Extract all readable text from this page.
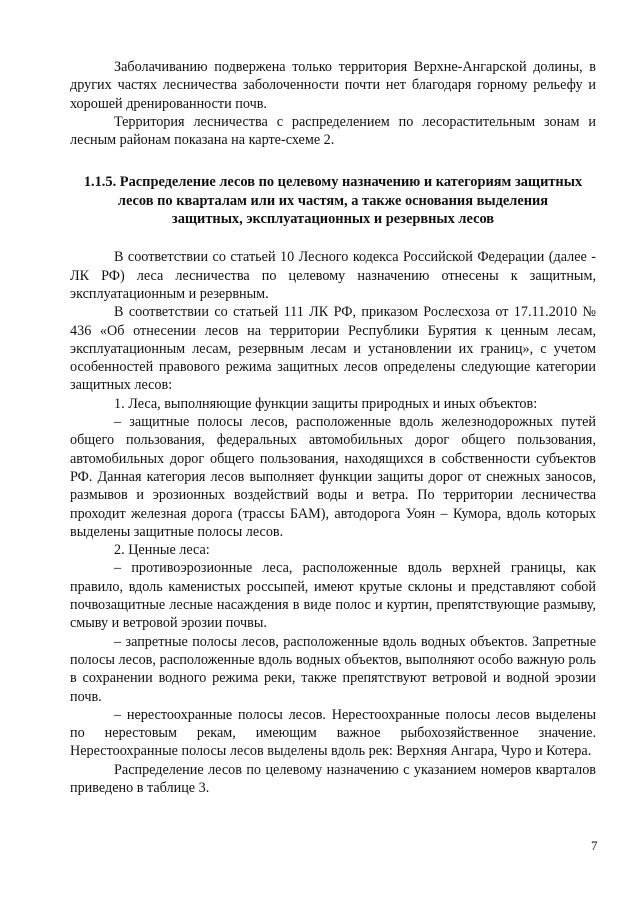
Заболачиванию подвержена только территория Верхне-Ангарской долины, в других частях лесничества заболоченности почти нет благодаря горному рельефу и хорошей дренированности почв.

Территория лесничества с распределением по лесорастительным зонам и лесным районам показана на карте-схеме 2.

1.1.5. Распределение лесов по целевому назначению и категориям защитных лесов по кварталам или их частям, а также основания выделения защитных, эксплуатационных и резервных лесов

В соответствии со статьей 10 Лесного кодекса Российской Федерации (далее - ЛК РФ) леса лесничества по целевому назначению отнесены к защитным, эксплуатационным и резервным.

В соответствии со статьей 111 ЛК РФ, приказом Рослесхоза от 17.11.2010 № 436 «Об отнесении лесов на территории Республики Бурятия к ценным лесам, эксплуатационным лесам, резервным лесам и установлении их границ», с учетом особенностей правового режима защитных лесов определены следующие категории защитных лесов:

1. Леса, выполняющие функции защиты природных и иных объектов:

– защитные полосы лесов, расположенные вдоль железнодорожных путей общего пользования, федеральных автомобильных дорог общего пользования, автомобильных дорог общего пользования, находящихся в собственности субъектов РФ. Данная категория лесов выполняет функции защиты дорог от снежных заносов, размывов и эрозионных воздействий воды и ветра. По территории лесничества проходит железная дорога (трассы БАМ), автодорога Уоян – Кумора, вдоль которых выделены защитные полосы лесов.

2. Ценные леса:

– противоэрозионные леса, расположенные вдоль верхней границы, как правило, вдоль каменистых россыпей, имеют крутые склоны и представляют собой почвозащитные лесные насаждения в виде полос и куртин, препятствующие размыву, смыву и ветровой эрозии почвы.

– запретные полосы лесов, расположенные вдоль водных объектов. Запретные полосы лесов, расположенные вдоль водных объектов, выполняют особо важную роль в сохранении водного режима реки, также препятствуют ветровой и водной эрозии почв.

– нерестоохранные полосы лесов. Нерестоохранные полосы лесов выделены по нерестовым рекам, имеющим важное рыбохозяйственное значение. Нерестоохранные полосы лесов выделены вдоль рек: Верхняя Ангара, Чуро и Котера.

Распределение лесов по целевому назначению с указанием номеров кварталов приведено в таблице 3.

7
